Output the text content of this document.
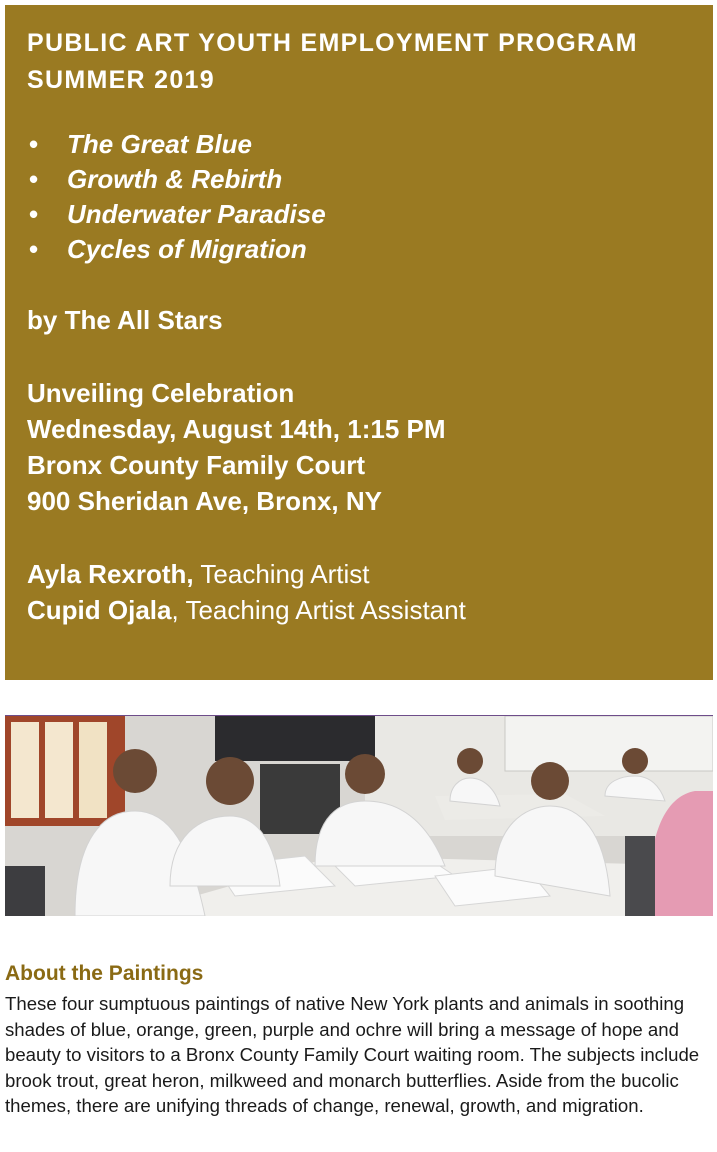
PUBLIC ART YOUTH EMPLOYMENT PROGRAM

SUMMER 2019

• The Great Blue
• Growth & Rebirth
• Underwater Paradise
• Cycles of Migration

by The All Stars

Unveiling Celebration

Wednesday, August 14th, 1:15 PM

Bronx County Family Court

900 Sheridan Ave, Bronx, NY

Ayla Rexroth, Teaching Artist

Cupid Ojala, Teaching Artist Assistant

About the Paintings

These four sumptuous paintings of native New York plants and animals in soothing shades of blue, orange, green, purple and ochre will bring a message of hope and beauty to visitors to a Bronx County Family Court waiting room. The subjects include brook trout, great heron, milkweed and monarch butterflies. Aside from the bucolic themes, there are unifying threads of change, renewal, growth, and migration.
